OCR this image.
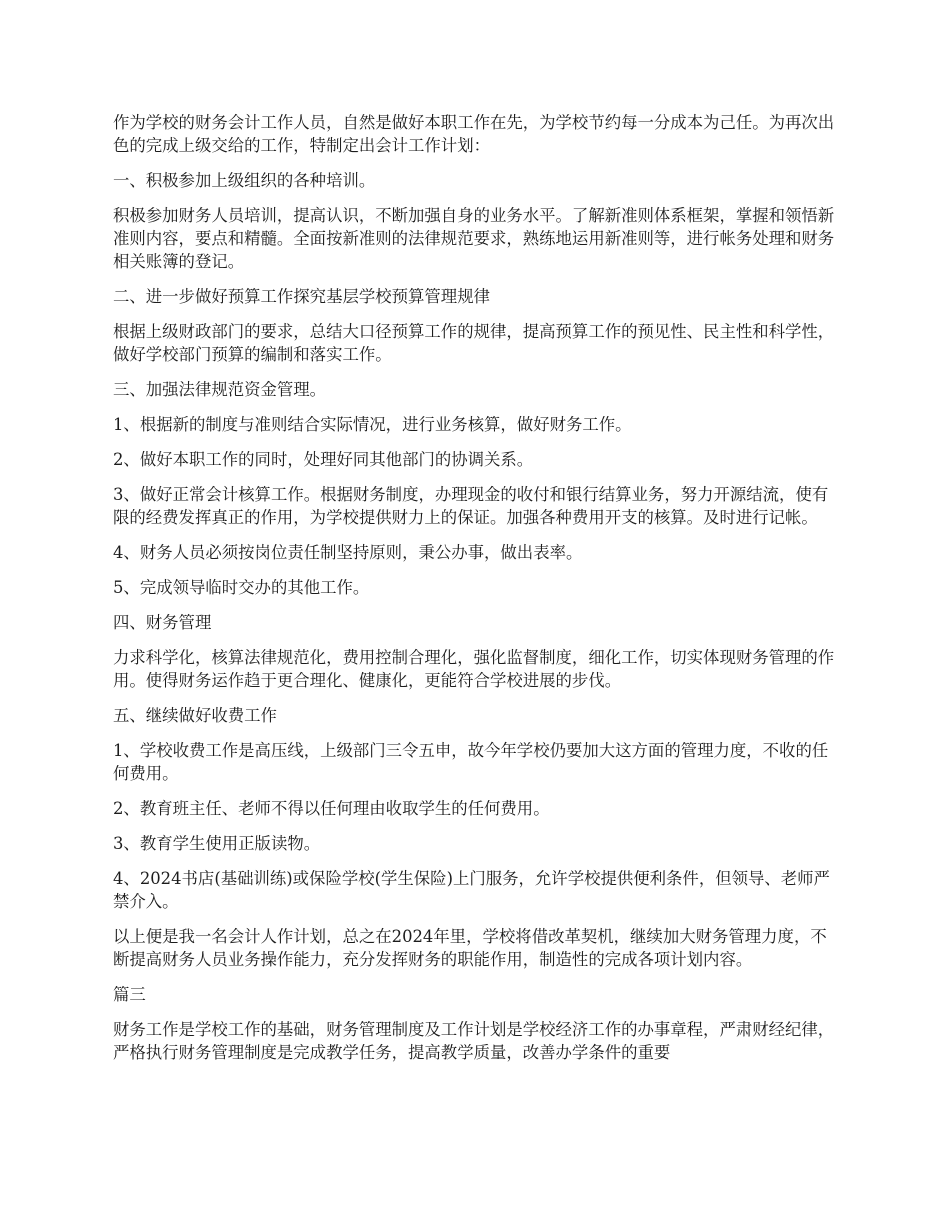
作为学校的财务会计工作人员，自然是做好本职工作在先，为学校节约每一分成本为己任。为再次出色的完成上级交给的工作，特制定出会计工作计划：

一、积极参加上级组织的各种培训。

积极参加财务人员培训，提高认识，不断加强自身的业务水平。了解新准则体系框架，掌握和领悟新准则内容，要点和精髓。全面按新准则的法律规范要求，熟练地运用新准则等，进行帐务处理和财务相关账簿的登记。

二、进一步做好预算工作探究基层学校预算管理规律

根据上级财政部门的要求，总结大口径预算工作的规律，提高预算工作的预见性、民主性和科学性，做好学校部门预算的编制和落实工作。

三、加强法律规范资金管理。

1、根据新的制度与准则结合实际情况，进行业务核算，做好财务工作。

2、做好本职工作的同时，处理好同其他部门的协调关系。

3、做好正常会计核算工作。根据财务制度，办理现金的收付和银行结算业务，努力开源结流，使有限的经费发挥真正的作用，为学校提供财力上的保证。加强各种费用开支的核算。及时进行记帐。

4、财务人员必须按岗位责任制坚持原则，秉公办事，做出表率。

5、完成领导临时交办的其他工作。

四、财务管理

力求科学化，核算法律规范化，费用控制合理化，强化监督制度，细化工作，切实体现财务管理的作用。使得财务运作趋于更合理化、健康化，更能符合学校进展的步伐。

五、继续做好收费工作

1、学校收费工作是高压线，上级部门三令五申，故今年学校仍要加大这方面的管理力度，不收的任何费用。

2、教育班主任、老师不得以任何理由收取学生的任何费用。

3、教育学生使用正版读物。

4、2024书店(基础训练)或保险学校(学生保险)上门服务，允许学校提供便利条件，但领导、老师严禁介入。

以上便是我一名会计人作计划，总之在2024年里，学校将借改革契机，继续加大财务管理力度，不断提高财务人员业务操作能力，充分发挥财务的职能作用，制造性的完成各项计划内容。

篇三

财务工作是学校工作的基础，财务管理制度及工作计划是学校经济工作的办事章程，严肃财经纪律，严格执行财务管理制度是完成教学任务，提高教学质量，改善办学条件的重要
